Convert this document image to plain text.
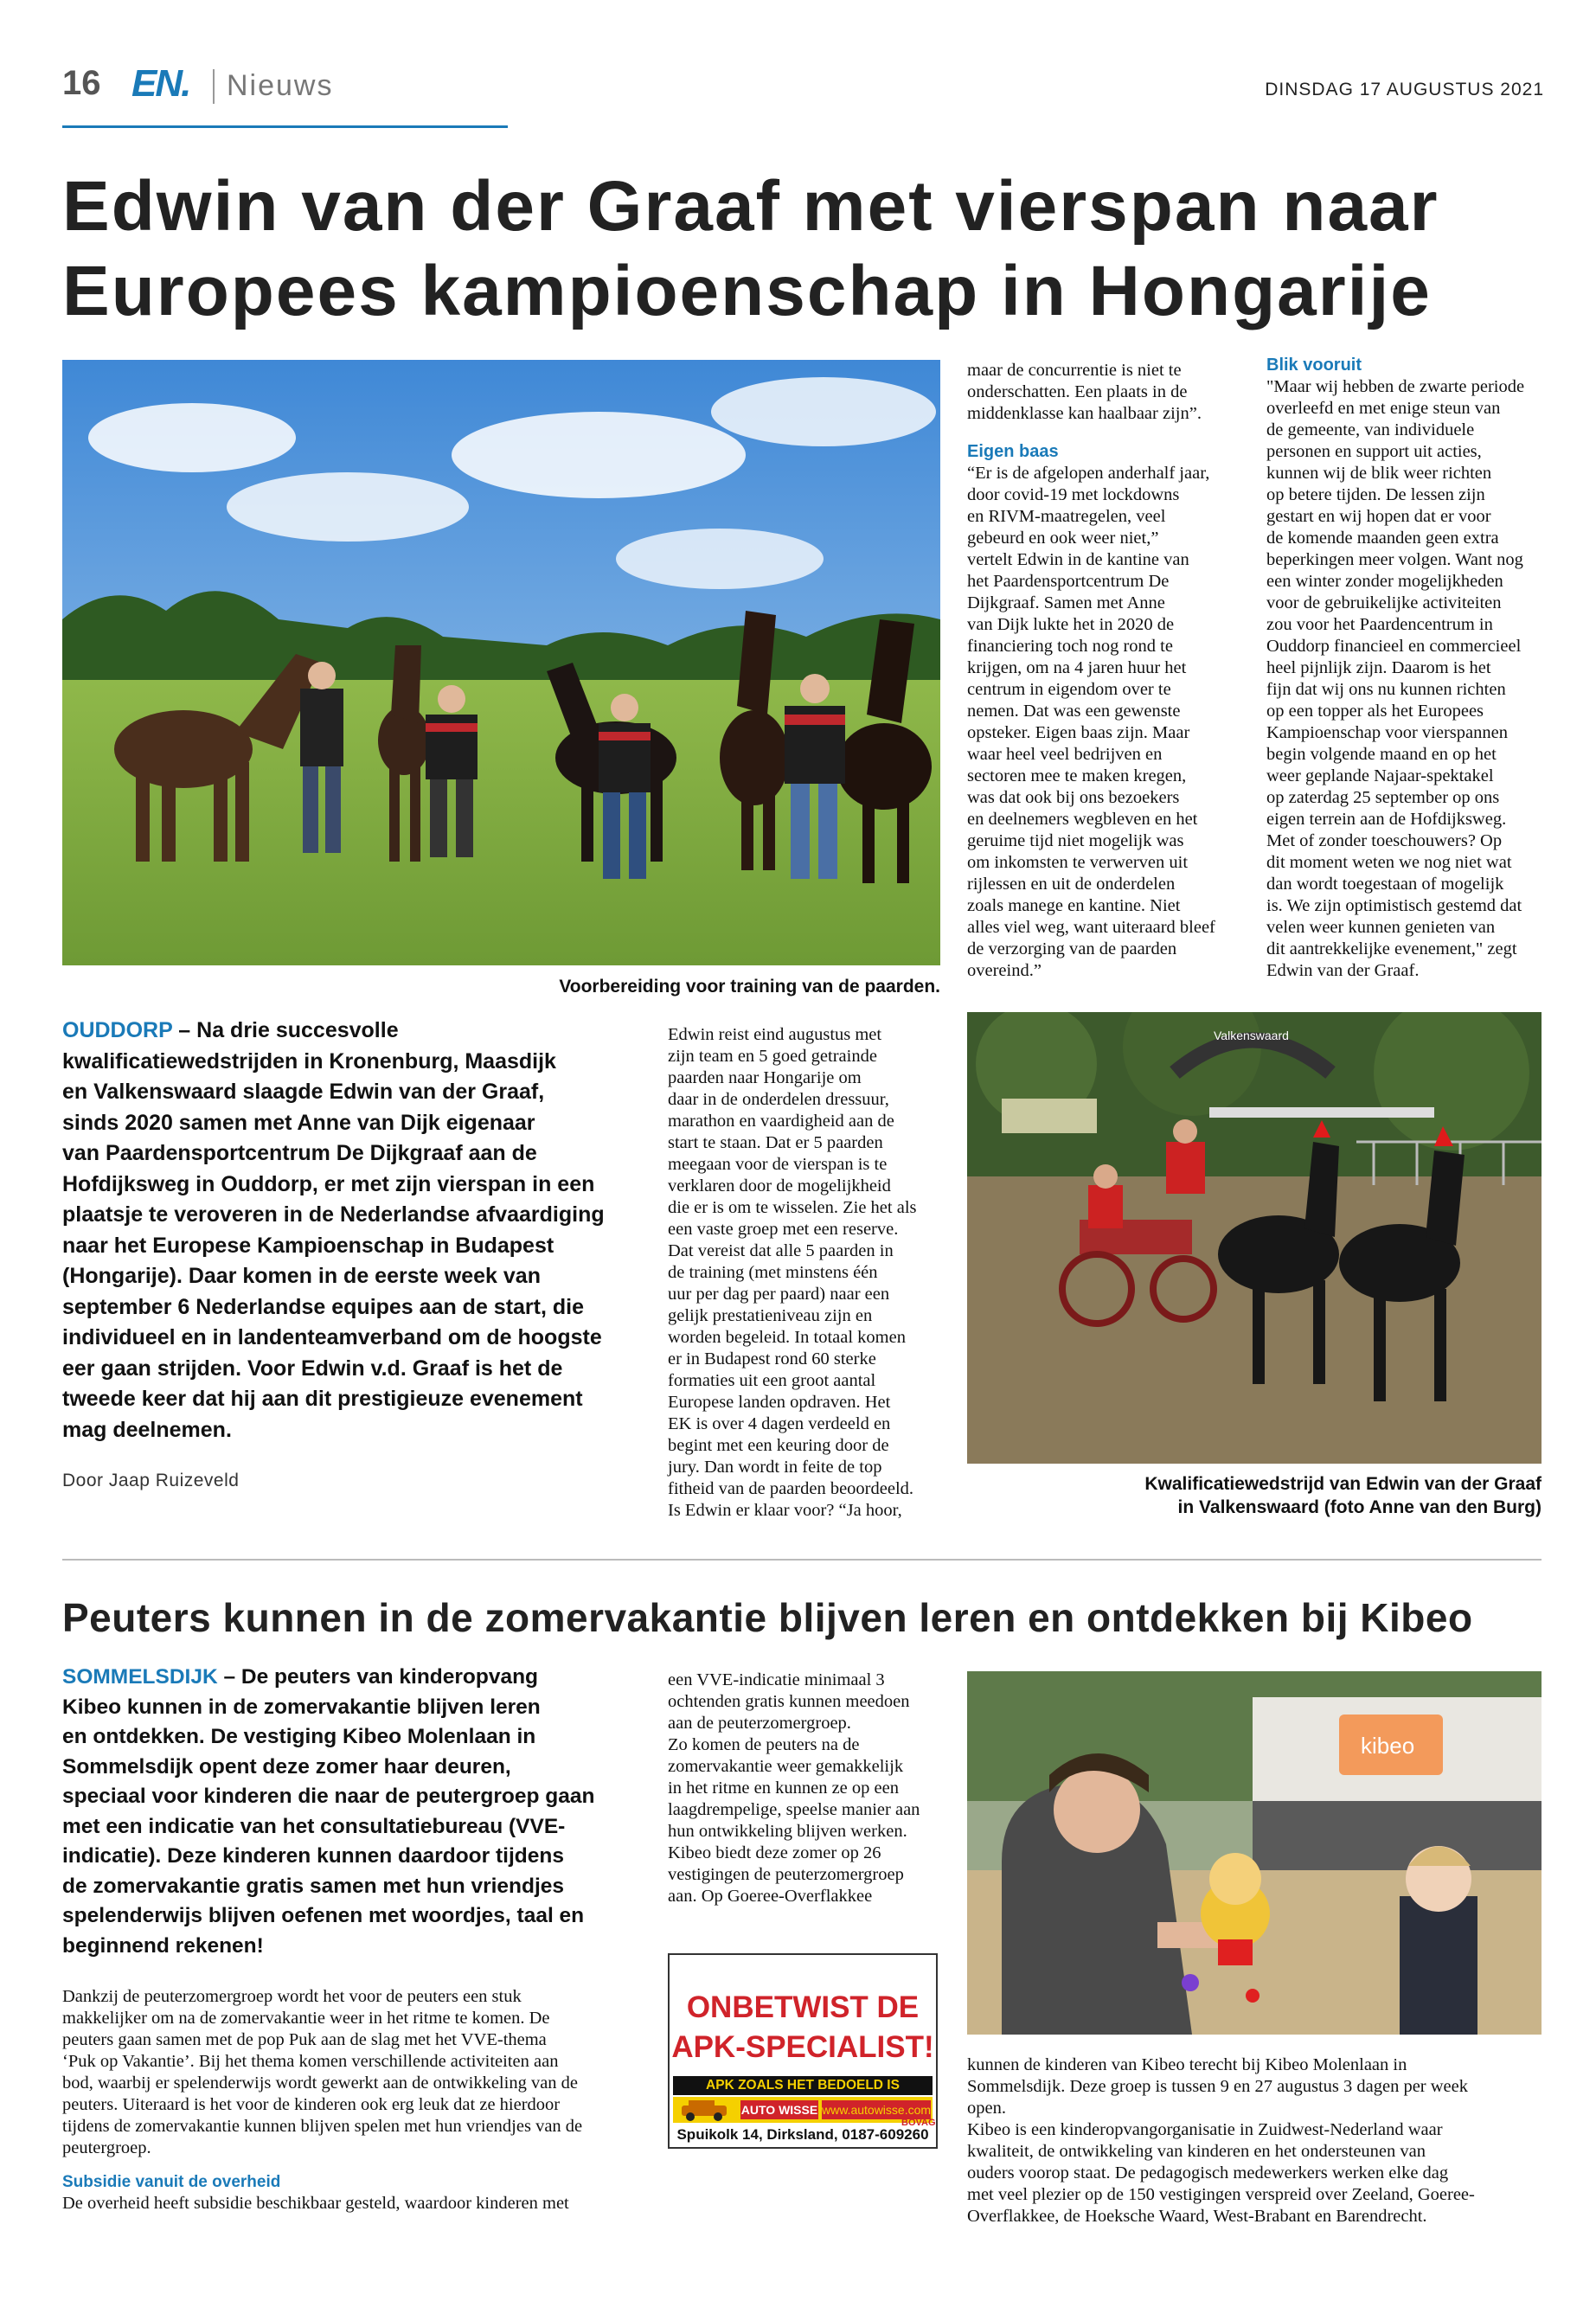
16 EN. Nieuws	DINSDAG 17 AUGUSTUS 2021
Edwin van der Graaf met vierspan naar
Europees kampioenschap in Hongarije
Voorbereiding voor training van de paarden.
OUDDORP – Na drie succesvolle
kwalificatiewedstrijden in Kronenburg, Maasdijk
en Valkenswaard slaagde Edwin van der Graaf,
sinds 2020 samen met Anne van Dijk eigenaar
van Paardensportcentrum De Dijkgraaf aan de
Hofdijksweg in Ouddorp, er met zijn vierspan in een
plaatsje te veroveren in de Nederlandse afvaardiging
naar het Europese Kampioenschap in Budapest
(Hongarije). Daar komen in de eerste week van
september 6 Nederlandse equipes aan de start, die
individueel en in landenteamverband om de hoogste
eer gaan strijden. Voor Edwin v.d. Graaf is het de
tweede keer dat hij aan dit prestigieuze evenement
mag deelnemen.
Door Jaap Ruizeveld
Edwin reist eind augustus met
zijn team en 5 goed getrainde
paarden naar Hongarije om
daar in de onderdelen dressuur,
marathon en vaardigheid aan de
start te staan. Dat er 5 paarden
meegaan voor de vierspan is te
verklaren door de mogelijkheid
die er is om te wisselen. Zie het als
een vaste groep met een reserve.
Dat vereist dat alle 5 paarden in
de training (met minstens één
uur per dag per paard) naar een
gelijk prestatieniveau zijn en
worden begeleid. In totaal komen
er in Budapest rond 60 sterke
formaties uit een groot aantal
Europese landen opdraven. Het
EK is over 4 dagen verdeeld en
begint met een keuring door de
jury. Dan wordt in feite de top
fitheid van de paarden beoordeeld.
Is Edwin er klaar voor? “Ja hoor,
maar de concurrentie is niet te
onderschatten. Een plaats in de
middenklasse kan haalbaar zijn”.
Eigen baas
“Er is de afgelopen anderhalf jaar,
door covid-19 met lockdowns
en RIVM-maatregelen, veel
gebeurd en ook weer niet,”
vertelt Edwin in de kantine van
het Paardensportcentrum De
Dijkgraaf. Samen met Anne
van Dijk lukte het in 2020 de
financiering toch nog rond te
krijgen, om na 4 jaren huur het
centrum in eigendom over te
nemen. Dat was een gewenste
opsteker. Eigen baas zijn. Maar
waar heel veel bedrijven en
sectoren mee te maken kregen,
was dat ook bij ons bezoekers
en deelnemers wegbleven en het
geruime tijd niet mogelijk was
om inkomsten te verwerven uit
rijlessen en uit de onderdelen
zoals manege en kantine. Niet
alles viel weg, want uiteraard bleef
de verzorging van de paarden
overeind.”
Blik vooruit
"Maar wij hebben de zwarte periode
overleefd en met enige steun van
de gemeente, van individuele
personen en support uit acties,
kunnen wij de blik weer richten
op betere tijden. De lessen zijn
gestart en wij hopen dat er voor
de komende maanden geen extra
beperkingen meer volgen. Want nog
een winter zonder mogelijkheden
voor de gebruikelijke activiteiten
zou voor het Paardencentrum in
Ouddorp financieel en commercieel
heel pijnlijk zijn. Daarom is het
fijn dat wij ons nu kunnen richten
op een topper als het Europees
Kampioenschap voor vierspannen
begin volgende maand en op het
weer geplande Najaar-spektakel
op zaterdag 25 september op ons
eigen terrein aan de Hofdijksweg.
Met of zonder toeschouwers? Op
dit moment weten we nog niet wat
dan wordt toegestaan of mogelijk
is. We zijn optimistisch gestemd dat
velen weer kunnen genieten van
dit aantrekkelijke evenement," zegt
Edwin van der Graaf.
Valkenswaard
Kwalificatiewedstrijd van Edwin van der Graaf
in Valkenswaard (foto Anne van den Burg)
Peuters kunnen in de zomervakantie blijven leren en ontdekken bij Kibeo
SOMMELSDIJK – De peuters van kinderopvang
Kibeo kunnen in de zomervakantie blijven leren
en ontdekken. De vestiging Kibeo Molenlaan in
Sommelsdijk opent deze zomer haar deuren,
speciaal voor kinderen die naar de peutergroep gaan
met een indicatie van het consultatiebureau (VVE-
indicatie). Deze kinderen kunnen daardoor tijdens
de zomervakantie gratis samen met hun vriendjes
spelenderwijs blijven oefenen met woordjes, taal en
beginnend rekenen!
Dankzij de peuterzomergroep wordt het voor de peuters een stuk
makkelijker om na de zomervakantie weer in het ritme te komen. De
peuters gaan samen met de pop Puk aan de slag met het VVE-thema
‘Puk op Vakantie’. Bij het thema komen verschillende activiteiten aan
bod, waarbij er spelenderwijs wordt gewerkt aan de ontwikkeling van de
peuters. Uiteraard is het voor de kinderen ook erg leuk dat ze hierdoor
tijdens de zomervakantie kunnen blijven spelen met hun vriendjes van de
peutergroep.
Subsidie vanuit de overheid
De overheid heeft subsidie beschikbaar gesteld, waardoor kinderen met
een VVE-indicatie minimaal 3
ochtenden gratis kunnen meedoen
aan de peuterzomergroep.
Zo komen de peuters na de
zomervakantie weer gemakkelijk
in het ritme en kunnen ze op een
laagdrempelige, speelse manier aan
hun ontwikkeling blijven werken.
Kibeo biedt deze zomer op 26
vestigingen de peuterzomergroep
aan. Op Goeree-Overflakkee
ONBETWIST DE
APK-SPECIALIST!
APK ZOALS HET BEDOELD IS
AUTO WISSE www.autowisse.com
Spuikolk 14, Dirksland, 0187-609260
BOVAG
kibeo
kunnen de kinderen van Kibeo terecht bij Kibeo Molenlaan in
Sommelsdijk. Deze groep is tussen 9 en 27 augustus 3 dagen per week
open.
Kibeo is een kinderopvangorganisatie in Zuidwest-Nederland waar
kwaliteit, de ontwikkeling van kinderen en het ondersteunen van
ouders voorop staat. De pedagogisch medewerkers werken elke dag
met veel plezier op de 150 vestigingen verspreid over Zeeland, Goeree-
Overflakkee, de Hoeksche Waard, West-Brabant en Barendrecht.
